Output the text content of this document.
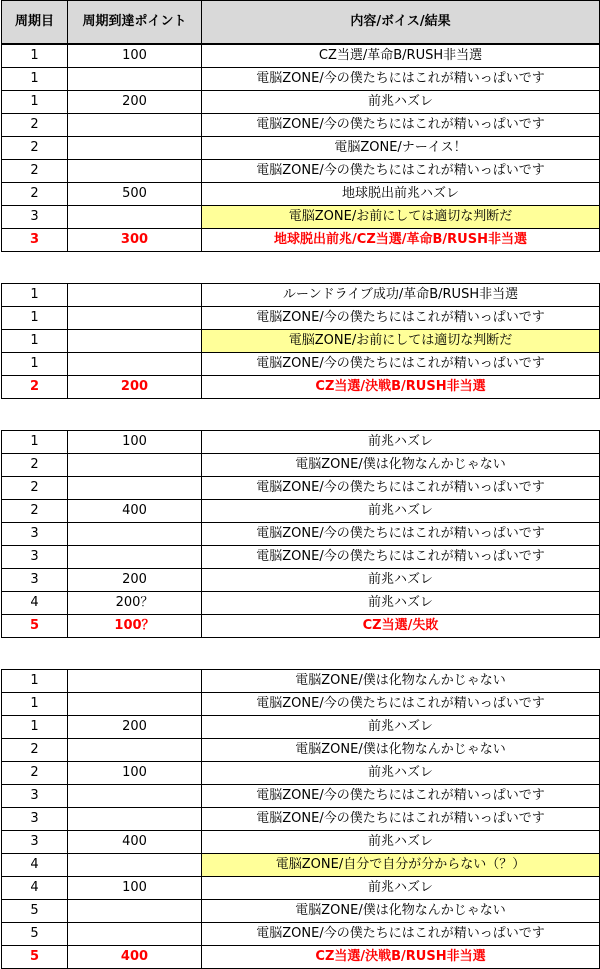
周期目	周期到達ポイント	内容/ボイス/結果
1	100	CZ当選/革命B/RUSH非当選
1		電脳ZONE/今の僕たちにはこれが精いっぱいです
1	200	前兆ハズレ
2		電脳ZONE/今の僕たちにはこれが精いっぱいです
2		電脳ZONE/ナーイス！
2		電脳ZONE/今の僕たちにはこれが精いっぱいです
2	500	地球脱出前兆ハズレ
3		電脳ZONE/お前にしては適切な判断だ
3	300	地球脱出前兆/CZ当選/革命B/RUSH非当選
1		ルーンドライブ成功/革命B/RUSH非当選
1		電脳ZONE/今の僕たちにはこれが精いっぱいです
1		電脳ZONE/お前にしては適切な判断だ
1		電脳ZONE/今の僕たちにはこれが精いっぱいです
2	200	CZ当選/決戦B/RUSH非当選
1	100	前兆ハズレ
2		電脳ZONE/僕は化物なんかじゃない
2		電脳ZONE/今の僕たちにはこれが精いっぱいです
2	400	前兆ハズレ
3		電脳ZONE/今の僕たちにはこれが精いっぱいです
3		電脳ZONE/今の僕たちにはこれが精いっぱいです
3	200	前兆ハズレ
4	200？	前兆ハズレ
5	100？	CZ当選/失敗
1		電脳ZONE/僕は化物なんかじゃない
1		電脳ZONE/今の僕たちにはこれが精いっぱいです
1	200	前兆ハズレ
2		電脳ZONE/僕は化物なんかじゃない
2	100	前兆ハズレ
3		電脳ZONE/今の僕たちにはこれが精いっぱいです
3		電脳ZONE/今の僕たちにはこれが精いっぱいです
3	400	前兆ハズレ
4		電脳ZONE/自分で自分が分からない（？）
4	100	前兆ハズレ
5		電脳ZONE/僕は化物なんかじゃない
5		電脳ZONE/今の僕たちにはこれが精いっぱいです
5	400	CZ当選/決戦B/RUSH非当選
